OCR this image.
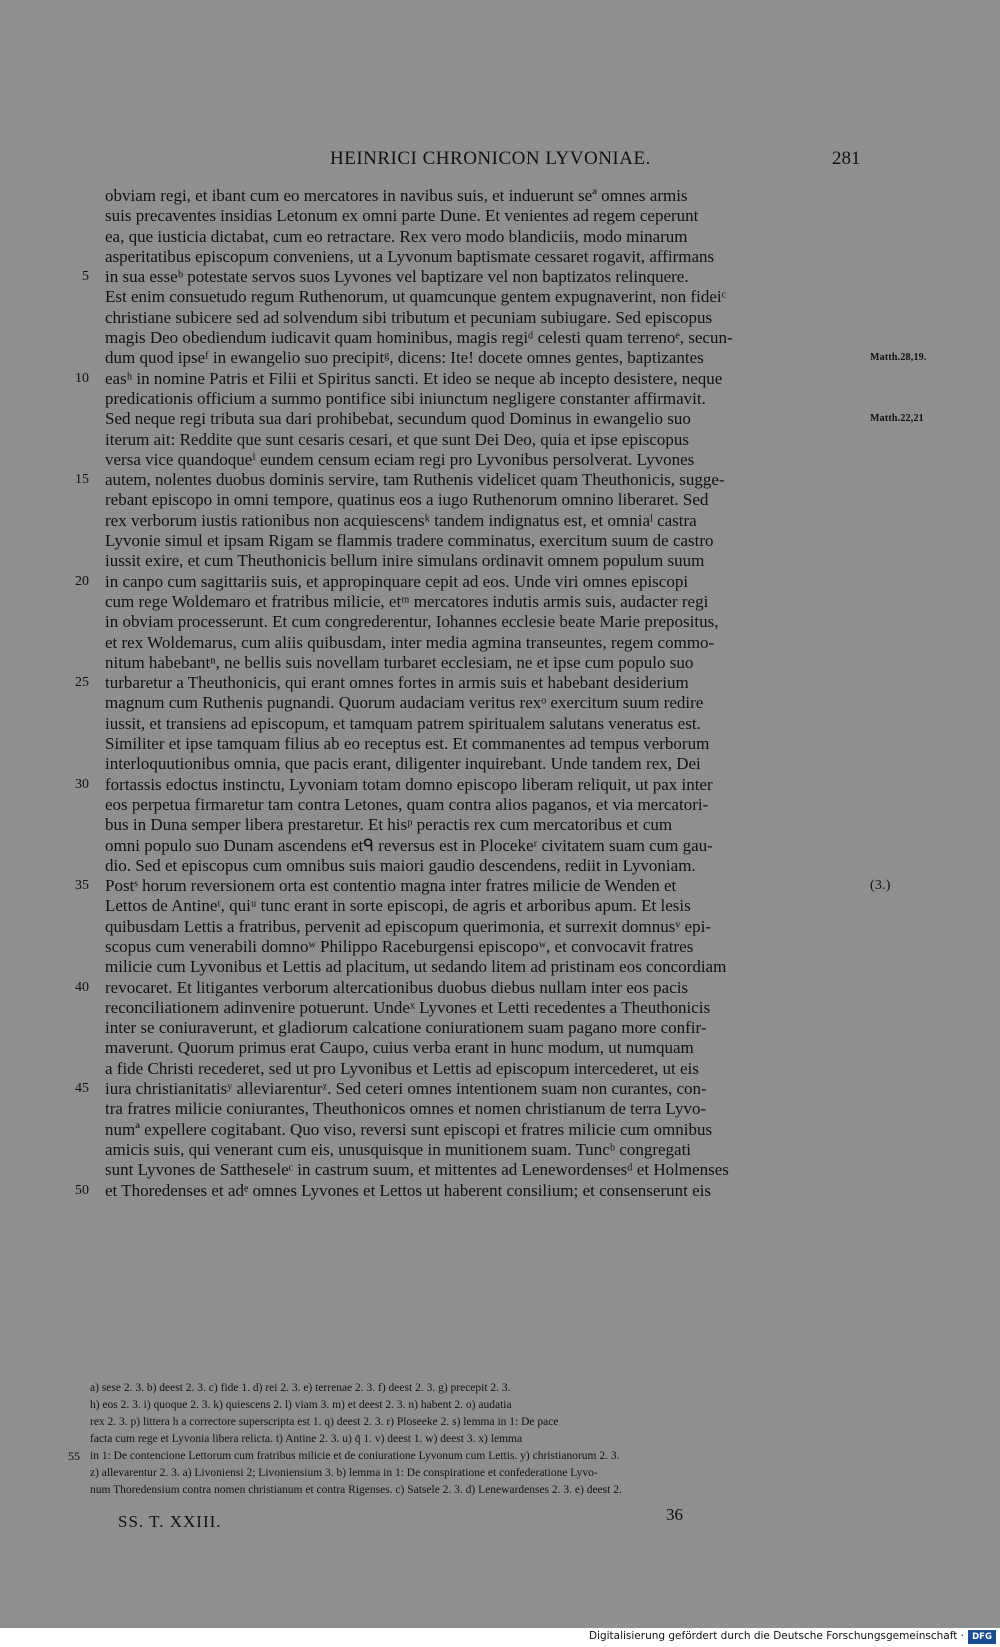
HEINRICI CHRONICON LYVONIAE.	281
obviam regi, et ibant cum eo mercatores in navibus suis, et induerunt seª omnes armis
suis precaventes insidias Letonum ex omni parte Dune. Et venientes ad regem ceperunt
ea, que iusticia dictabat, cum eo retractare. Rex vero modo blandiciis, modo minarum
asperitatibus episcopum conveniens, ut a Lyvonum baptismate cessaret rogavit, affirmans
5 in sua esseᵇ potestate servos suos Lyvones vel baptizare vel non baptizatos relinquere.
Est enim consuetudo regum Ruthenorum, ut quamcunque gentem expugnaverint, non fideiᶜ
christiane subicere sed ad solvendum sibi tributum et pecuniam subiugare. Sed episcopus
magis Deo obediendum iudicavit quam hominibus, magis regiᵈ celesti quam terrenoᵉ, secun-
dum quod ipseᶠ in ewangelio suo precipitᵍ, dicens: Ite! docete omnes gentes, baptizantes	Matth.28,19.
10 easʰ in nomine Patris et Filii et Spiritus sancti. Et ideo se neque ab incepto desistere, neque
predicationis officium a summo pontifice sibi iniunctum negligere constanter affirmavit.
Sed neque regi tributa sua dari prohibebat, secundum quod Dominus in ewangelio suo	Matth.22,21
iterum ait: Reddite que sunt cesaris cesari, et que sunt Dei Deo, quia et ipse episcopus
versa vice quandoqueⁱ eundem censum eciam regi pro Lyvonibus persolverat. Lyvones
15 autem, nolentes duobus dominis servire, tam Ruthenis videlicet quam Theuthonicis, sugge-
rebant episcopo in omni tempore, quatinus eos a iugo Ruthenorum omnino liberaret. Sed
rex verborum iustis rationibus non acquiescensᵏ tandem indignatus est, et omniaˡ castra
Lyvonie simul et ipsam Rigam se flammis tradere comminatus, exercitum suum de castro
iussit exire, et cum Theuthonicis bellum inire simulans ordinavit omnem populum suum
20 in canpo cum sagittariis suis, et appropinquare cepit ad eos. Unde viri omnes episcopi
cum rege Woldemaro et fratribus milicie, etᵐ mercatores indutis armis suis, audacter regi
in obviam processerunt. Et cum congrederentur, Iohannes ecclesie beate Marie prepositus,
et rex Woldemarus, cum aliis quibusdam, inter media agmina transeuntes, regem commo-
nitum habebantⁿ, ne bellis suis novellam turbaret ecclesiam, ne et ipse cum populo suo
25 turbaretur a Theuthonicis, qui erant omnes fortes in armis suis et habebant desiderium
magnum cum Ruthenis pugnandi. Quorum audaciam veritus rexᵒ exercitum suum redire
iussit, et transiens ad episcopum, et tamquam patrem spiritualem salutans veneratus est.
Similiter et ipse tamquam filius ab eo receptus est. Et commanentes ad tempus verborum
interloquutionibus omnia, que pacis erant, diligenter inquirebant. Unde tandem rex, Dei
30 fortassis edoctus instinctu, Lyvoniam totam domno episcopo liberam reliquit, ut pax inter
eos perpetua firmaretur tam contra Letones, quam contra alios paganos, et via mercatori-
bus in Duna semper libera prestaretur. Et hisᵖ peractis rex cum mercatoribus et cum
omni populo suo Dunam ascendens etᑫ reversus est in Plocekeʳ civitatem suam cum gau-
dio. Sed et episcopus cum omnibus suis maiori gaudio descendens, rediit in Lyvoniam.
35 Postˢ horum reversionem orta est contentio magna inter fratres milicie de Wenden et	(3.)
Lettos de Antineᵗ, quiᵘ tunc erant in sorte episcopi, de agris et arboribus apum. Et lesis
quibusdam Lettis a fratribus, pervenit ad episcopum querimonia, et surrexit domnusᵛ epi-
scopus cum venerabili domnoʷ Philippo Raceburgensi episcopoʷ, et convocavit fratres
milicie cum Lyvonibus et Lettis ad placitum, ut sedando litem ad pristinam eos concordiam
40 revocaret. Et litigantes verborum altercationibus duobus diebus nullam inter eos pacis
reconciliationem adinvenire potuerunt. Undeˣ Lyvones et Letti recedentes a Theuthonicis
inter se coniuraverunt, et gladiorum calcatione coniurationem suam pagano more confir-
maverunt. Quorum primus erat Caupo, cuius verba erant in hunc modum, ut numquam
a fide Christi recederet, sed ut pro Lyvonibus et Lettis ad episcopum intercederet, ut eis
45 iura christianitatisʸ alleviarenturᶻ. Sed ceteri omnes intentionem suam non curantes, con-
tra fratres milicie coniurantes, Theuthonicos omnes et nomen christianum de terra Lyvo-
numª expellere cogitabant. Quo viso, reversi sunt episcopi et fratres milicie cum omnibus
amicis suis, qui venerant cum eis, unusquisque in munitionem suam. Tuncᵇ congregati
sunt Lyvones de Sattheseleᶜ in castrum suum, et mittentes ad Lenewordensesᵈ et Holmenses
50 et Thoredenses et adᵉ omnes Lyvones et Lettos ut haberent consilium; et consenserunt eis
a) sese 2. 3. b) deest 2. 3. c) fide 1. d) rei 2. 3. e) terrenae 2. 3. f) deest 2. 3. g) precepit 2. 3.
h) eos 2. 3. i) quoque 2. 3. k) quiescens 2. l) viam 3. m) et deest 2. 3. n) habent 2. o) audatia
rex 2. 3. p) littera h a correctore superscripta est 1. q) deest 2. 3. r) Ploseeke 2. s) lemma in 1: De pace
facta cum rege et Lyvonia libera relicta. t) Antine 2. 3. u) q̄ 1. v) deest 1. w) deest 3. x) lemma
55 in 1: De contencione Lettorum cum fratribus milicie et de coniuratione Lyvonum cum Lettis. y) christianorum 2. 3.
z) allevarentur 2. 3. a) Livoniensi 2; Livoniensium 3. b) lemma in 1: De conspiratione et confederatione Lyvo-
num Thoredensium contra nomen christianum et contra Rigenses. c) Satsele 2. 3. d) Lenewardenses 2. 3. e) deest 2.
SS. T. XXIII.	36
Digitalisierung gefördert durch die Deutsche Forschungsgemeinschaft · DFG
